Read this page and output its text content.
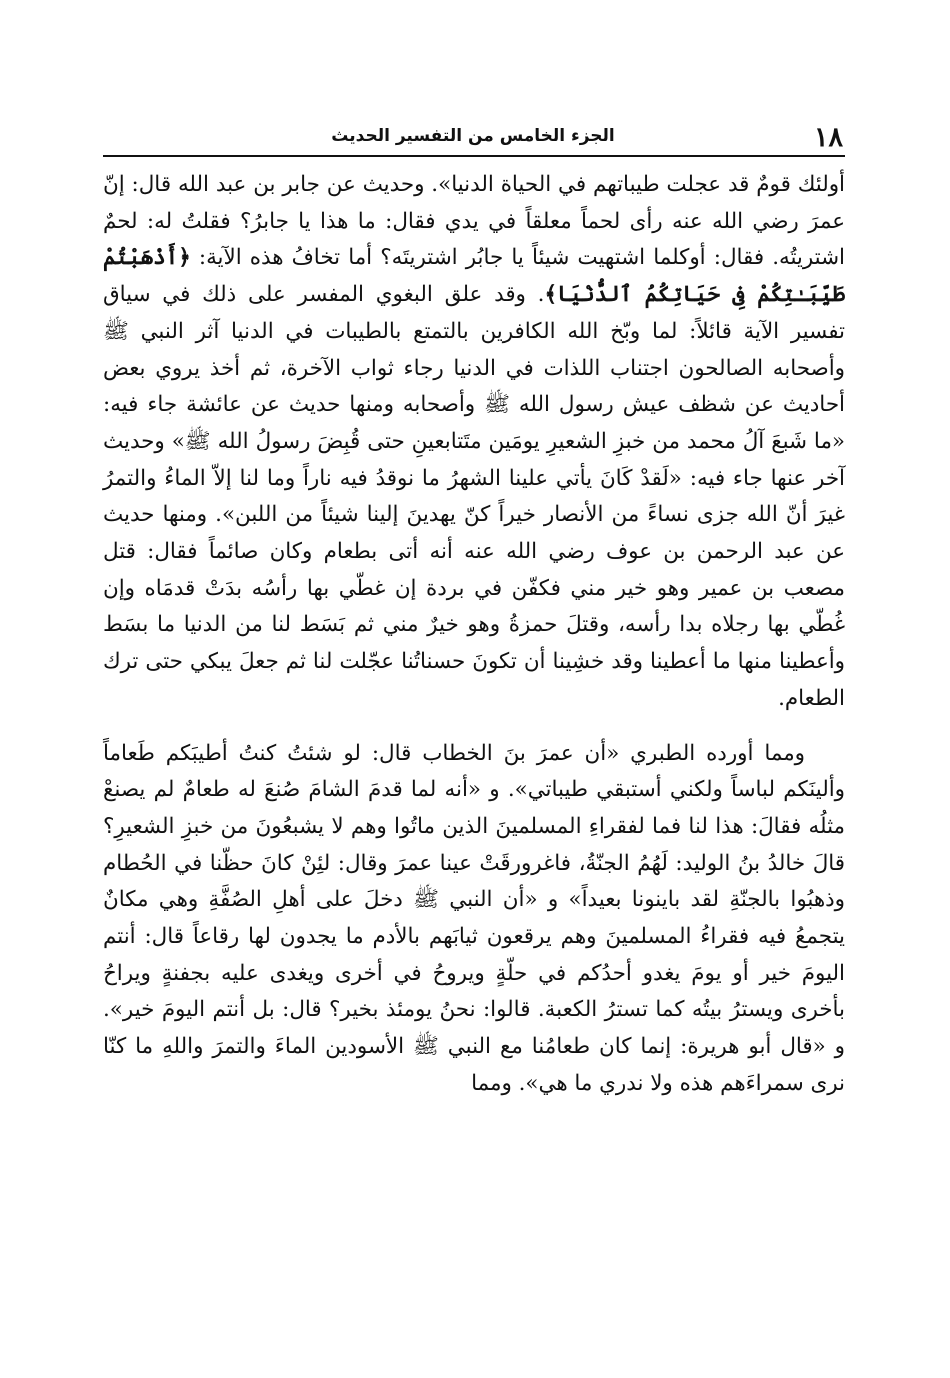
١٨
الجزء الخامس من التفسير الحديث

أولئك قومٌ قد عجلت طيباتهم في الحياة الدنيا». وحديث عن جابر بن عبد الله قال: إنّ عمرَ رضي الله عنه رأى لحماً معلقاً في يدي فقال: ما هذا يا جابرُ؟ فقلتُ له: لحمٌ اشتريتُه. فقال: أوكلما اشتهيت شيئاً يا جابُر اشتريتَه؟ أما تخافُ هذه الآية: ﴿أَذْهَبْتُمْ طَيِّبَـٰتِكُمْ فِى حَيَاتِكُمُ ٱلدُّنْيَا﴾. وقد علق البغوي المفسر على ذلك في سياق تفسير الآية قائلاً: لما وبّخ الله الكافرين بالتمتع بالطيبات في الدنيا آثر النبي ﷺ وأصحابه الصالحون اجتناب اللذات في الدنيا رجاء ثواب الآخرة، ثم أخذ يروي بعض أحاديث عن شظف عيش رسول الله ﷺ وأصحابه ومنها حديث عن عائشة جاء فيه: «ما شَبعَ آلُ محمد من خبزِ الشعيرِ يومَين متَتابعينِ حتى قُبِضَ رسولُ الله ﷺ» وحديث آخر عنها جاء فيه: «لَقدْ كَانَ يأتي علينا الشهرُ ما نوقدُ فيه ناراً وما لنا إلاّ الماءُ والتمرُ غيرَ أنّ الله جزى نساءً من الأنصار خيراً كنّ يهدينَ إلينا شيئاً من اللبن». ومنها حديث عن عبد الرحمن بن عوف رضي الله عنه أنه أتى بطعام وكان صائماً فقال: قتل مصعب بن عمير وهو خير مني فكفّن في بردة إن غطّي بها رأسُه بدَتْ قدمَاه وإن غُطّي بها رجلاه بدا رأسه، وقتلَ حمزةُ وهو خيرٌ مني ثم بَسَط لنا من الدنيا ما بسَط وأعطينا منها ما أعطينا وقد خشِينا أن تكونَ حسناتُنا عجّلت لنا ثم جعلَ يبكي حتى ترك الطعام.

ومما أورده الطبري «أن عمرَ بنَ الخطاب قال: لو شئتُ كنتُ أطيبَكم طَعاماً وألينَكم لباساً ولكني أستبقي طيباتي». و «أنه لما قدمَ الشامَ صُنعَ له طعامٌ لم يصنعْ مثلُه فقالَ: هذا لنا فما لفقراءِ المسلمينَ الذين ماتُوا وهم لا يشبعُونَ من خبزِ الشعيرِ؟ قالَ خالدُ بنُ الوليد: لَهُمُ الجنّةُ، فاغرورقَتْ عينا عمرَ وقال: لئِنْ كانَ حظّنا في الحُطام وذهبُوا بالجنّةِ لقد باينونا بعيداً» و «أن النبي ﷺ دخلَ على أهلِ الصُفَّةِ وهي مكانٌ يتجمعُ فيه فقراءُ المسلمينَ وهم يرقعون ثيابَهم بالأدم ما يجدون لها رقاعاً قال: أنتم اليومَ خير أو يومَ يغدو أحدُكم في حلّةٍ ويروحُ في أخرى ويغدى عليه بجفنةٍ ويراحُ بأخرى ويسترُ بيتُه كما تسترُ الكعبة. قالوا: نحنُ يومئذ بخير؟ قال: بل أنتم اليومَ خير». و «قال أبو هريرة: إنما كان طعامُنا مع النبي ﷺ الأسودين الماءَ والتمرَ واللهِ ما كنّا نرى سمراءَهم هذه ولا ندري ما هي». ومما
